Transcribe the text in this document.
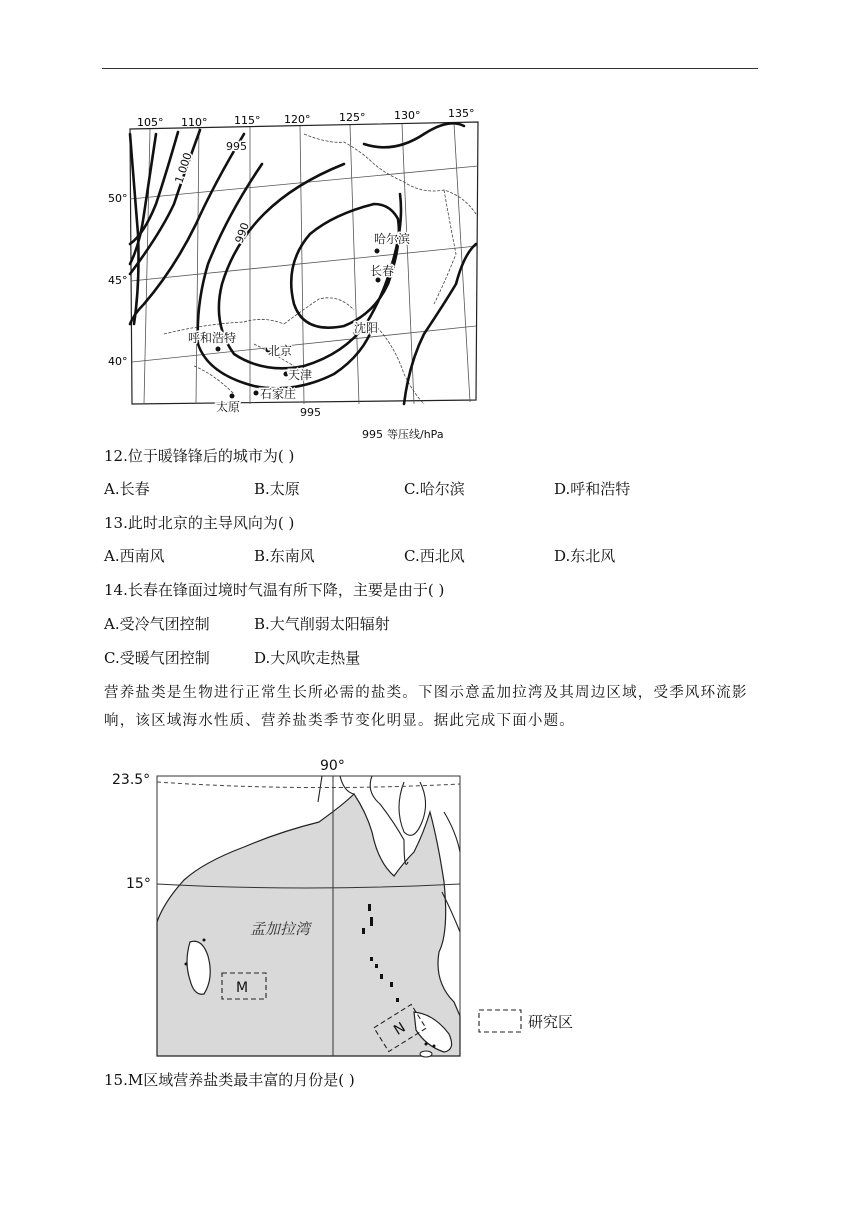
105° 110° 115° 120°	125°	130°	135°
50°
45°
40°
1 000
995
990
995
哈尔滨
长春
沈阳
呼和浩特
北京
天津
石家庄
太原
995 等压线/hPa
12.位于暖锋锋后的城市为( )
A.长春	B.太原	C.哈尔滨	D.呼和浩特
13.此时北京的主导风向为( )
A.西南风	B.东南风	C.西北风	D.东北风
14.长春在锋面过境时气温有所下降，主要是由于( )
A.受冷气团控制	B.大气削弱太阳辐射
C.受暖气团控制	D.大风吹走热量
营养盐类是生物进行正常生长所必需的盐类。下图示意孟加拉湾及其周边区域，受季风环流影响，该区域海水性质、营养盐类季节变化明显。据此完成下面小题。
90°
23.5°
15°
孟加拉湾
M
N	研究区
15.M区域营养盐类最丰富的月份是( )
